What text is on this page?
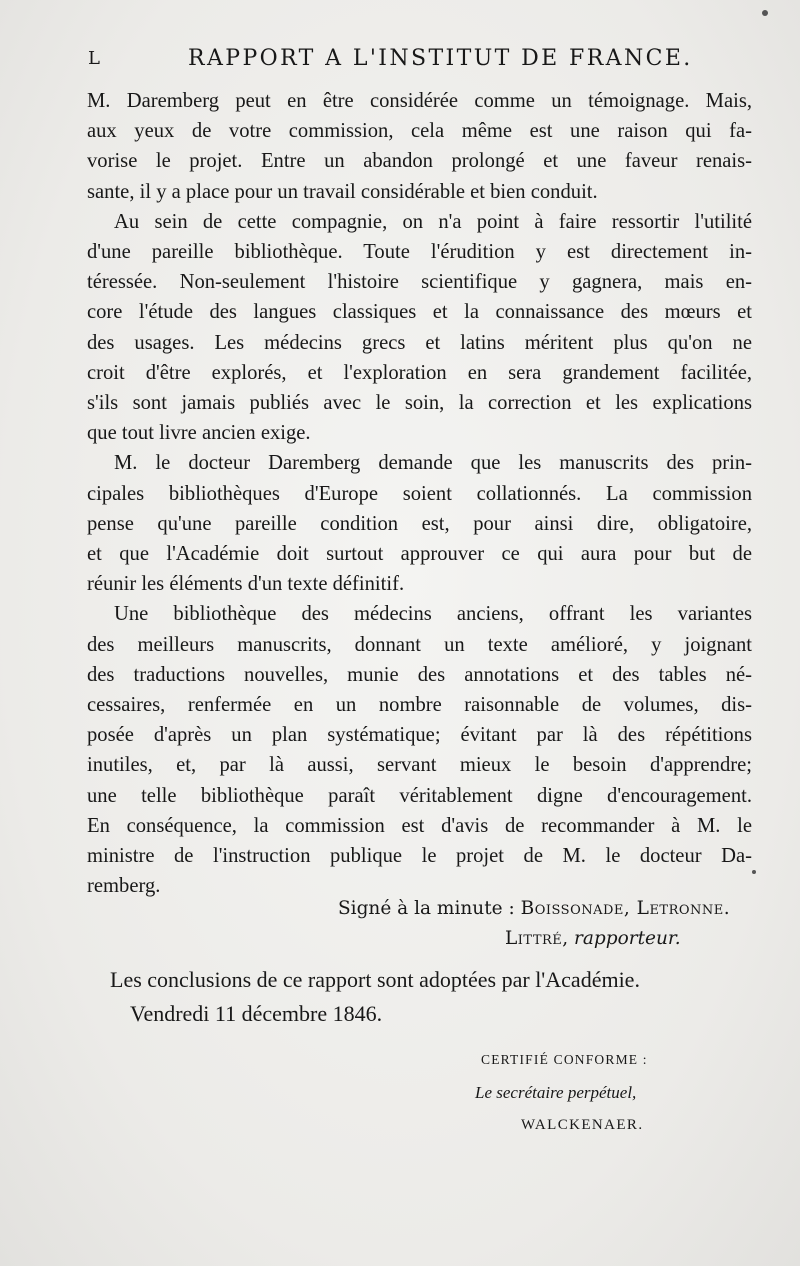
L	RAPPORT A L'INSTITUT DE FRANCE.
M. Daremberg peut en être considérée comme un témoignage. Mais,
aux yeux de votre commission, cela même est une raison qui fa-
vorise le projet. Entre un abandon prolongé et une faveur renais-
sante, il y a place pour un travail considérable et bien conduit.
Au sein de cette compagnie, on n'a point à faire ressortir l'utilité
d'une pareille bibliothèque. Toute l'érudition y est directement in-
téressée. Non-seulement l'histoire scientifique y gagnera, mais en-
core l'étude des langues classiques et la connaissance des mœurs et
des usages. Les médecins grecs et latins méritent plus qu'on ne
croit d'être explorés, et l'exploration en sera grandement facilitée,
s'ils sont jamais publiés avec le soin, la correction et les explications
que tout livre ancien exige.
M. le docteur Daremberg demande que les manuscrits des prin-
cipales bibliothèques d'Europe soient collationnés. La commission
pense qu'une pareille condition est, pour ainsi dire, obligatoire,
et que l'Académie doit surtout approuver ce qui aura pour but de
réunir les éléments d'un texte définitif.
Une bibliothèque des médecins anciens, offrant les variantes
des meilleurs manuscrits, donnant un texte amélioré, y joignant
des traductions nouvelles, munie des annotations et des tables né-
cessaires, renfermée en un nombre raisonnable de volumes, dis-
posée d'après un plan systématique; évitant par là des répétitions
inutiles, et, par là aussi, servant mieux le besoin d'apprendre;
une telle bibliothèque paraît véritablement digne d'encouragement.
En conséquence, la commission est d'avis de recommander à M. le
ministre de l'instruction publique le projet de M. le docteur Da-
remberg.
Signé à la minute : Boissonade, Letronne.
Littré, rapporteur.
Les conclusions de ce rapport sont adoptées par l'Académie.
Vendredi 11 décembre 1846.
CERTIFIÉ CONFORME :
Le secrétaire perpétuel,
WALCKENAER.
